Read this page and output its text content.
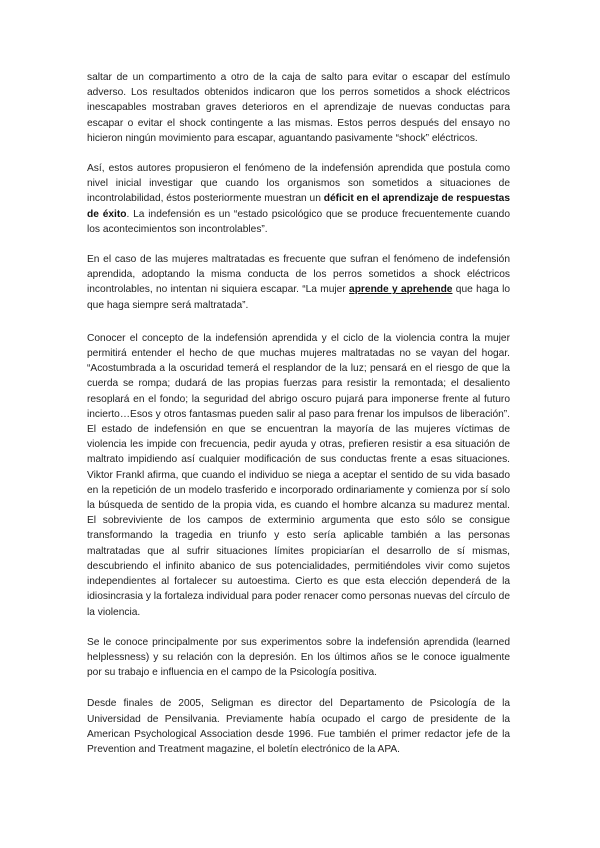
saltar de un compartimento a otro de la caja de salto para evitar o escapar del estímulo adverso. Los resultados obtenidos indicaron que los perros sometidos a shock eléctricos inescapables mostraban graves deterioros en el aprendizaje de nuevas conductas para escapar o evitar el shock contingente a las mismas. Estos perros después del ensayo no hicieron ningún movimiento para escapar, aguantando pasivamente “shock” eléctricos.

Así, estos autores propusieron el fenómeno de la indefensión aprendida que postula como nivel inicial investigar que cuando los organismos son sometidos a situaciones de incontrolabilidad, éstos posteriormente muestran un déficit en el aprendizaje de respuestas de éxito. La indefensión es un “estado psicológico que se produce frecuentemente cuando los acontecimientos son incontrolables”.

En el caso de las mujeres maltratadas es frecuente que sufran el fenómeno de indefensión aprendida, adoptando la misma conducta de los perros sometidos a shock eléctricos incontrolables, no intentan ni siquiera escapar. “La mujer aprende y aprehende que haga lo que haga siempre será maltratada”.

Conocer el concepto de la indefensión aprendida y el ciclo de la violencia contra la mujer permitirá entender el hecho de que muchas mujeres maltratadas no se vayan del hogar. “Acostumbrada a la oscuridad temerá el resplandor de la luz; pensará en el riesgo de que la cuerda se rompa; dudará de las propias fuerzas para resistir la remontada; el desaliento resoplará en el fondo; la seguridad del abrigo oscuro pujará para imponerse frente al futuro incierto…Esos y otros fantasmas pueden salir al paso para frenar los impulsos de liberación”. El estado de indefensión en que se encuentran la mayoría de las mujeres víctimas de violencia les impide con frecuencia, pedir ayuda y otras, prefieren resistir a esa situación de maltrato impidiendo así cualquier modificación de sus conductas frente a esas situaciones. Viktor Frankl afirma, que cuando el individuo se niega a aceptar el sentido de su vida basado en la repetición de un modelo trasferido e incorporado ordinariamente y comienza por sí solo la búsqueda de sentido de la propia vida, es cuando el hombre alcanza su madurez mental. El sobreviviente de los campos de exterminio argumenta que esto sólo se consigue transformando la tragedia en triunfo y esto sería aplicable también a las personas maltratadas que al sufrir situaciones límites propiciarían el desarrollo de sí mismas, descubriendo el infinito abanico de sus potencialidades, permitiéndoles vivir como sujetos independientes al fortalecer su autoestima. Cierto es que esta elección dependerá de la idiosincrasia y la fortaleza individual para poder renacer como personas nuevas del círculo de la violencia.

Se le conoce principalmente por sus experimentos sobre la indefensión aprendida (learned helplessness) y su relación con la depresión. En los últimos años se le conoce igualmente por su trabajo e influencia en el campo de la Psicología positiva.

Desde finales de 2005, Seligman es director del Departamento de Psicología de la Universidad de Pensilvania. Previamente había ocupado el cargo de presidente de la American Psychological Association desde 1996. Fue también el primer redactor jefe de la Prevention and Treatment magazine, el boletín electrónico de la APA.
